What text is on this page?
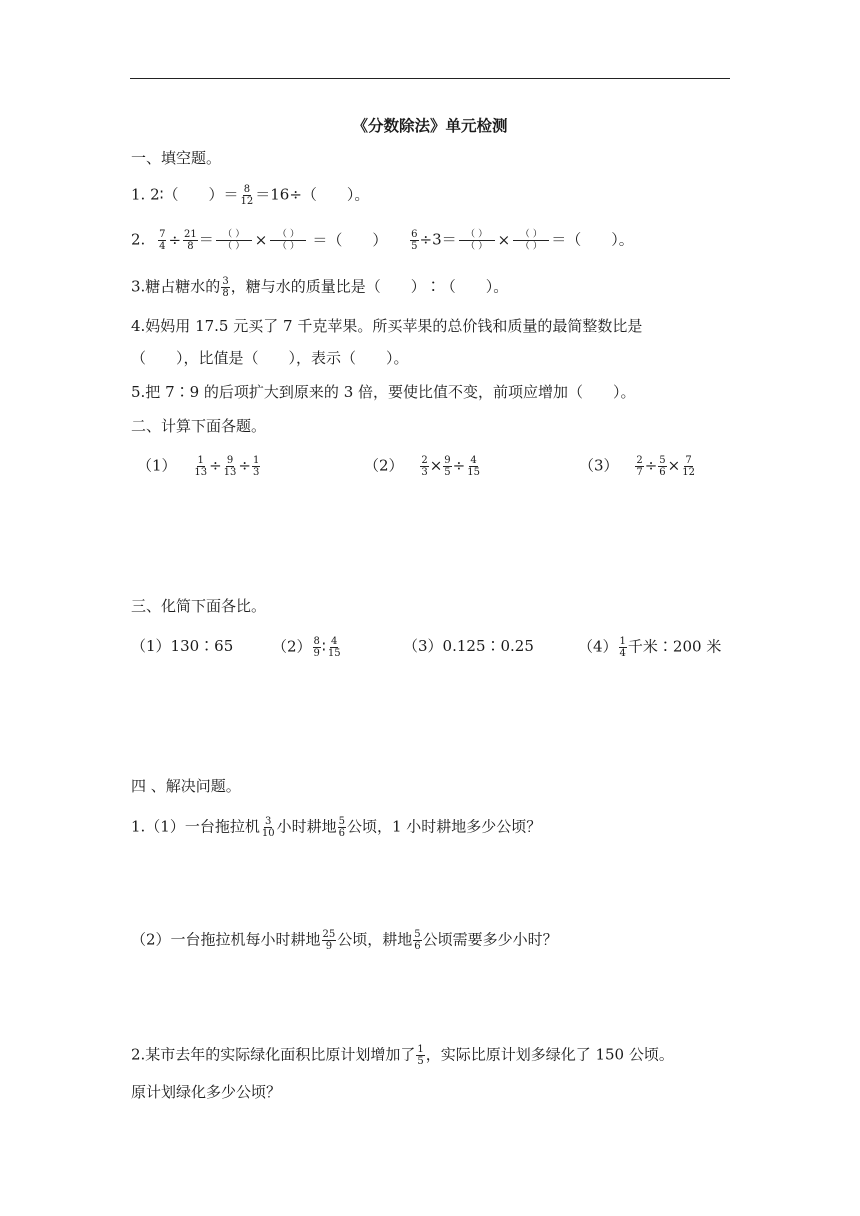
《分数除法》单元检测
一、填空题。
1. 2∶（　　）＝ $\frac{8}{12} =16\div$（　　）。
2. $\frac{7}{4} \div \frac{21}{8}$ ＝ （ ）
（ ） ×	（ ）
（ ） ＝（　　） $\frac{6}{5} \div 3=$ （ ）
（ ） ×	（ ）
（ ） ＝（　　）。
3.糖占糖水的 $\frac{3}{8}$ ，糖与水的质量比是（　　）∶（　　）。
4.妈妈用 17.5 元买了 7 千克苹果。所买苹果的总价钱和质量的最简整数比是
（　　），比值是（　　），表示（　　）。
5.把 7∶9 的后项扩大到原来的 3 倍，要使比值不变，前项应增加（　　）。
二、计算下面各题。
$(1) \frac{1}{13} \div \frac{9}{13} \div \frac{1}{3}$	$(2) \frac{2}{3} \times \frac{9}{5} \div \frac{4}{15}$	$(3) \frac{2}{7} \div \frac{5}{6} \times \frac{7}{12}$
三、化简下面各比。
（1）130∶65	$(2) \frac{8}{9}$ ∶ $\frac{4}{15}$	（3）0.125∶0.25	$(4) \frac{1}{4}$ 千米∶200 米
四 、解决问题。
1.（1）一台拖拉机 $\frac{3}{10}$ 小时耕地 $\frac{5}{6}$ 公顷，1 小时耕地多少公顷？
（2）一台拖拉机每小时耕地 $\frac{25}{9}$ 公顷，耕地 $\frac{5}{6}$ 公顷需要多少小时？
2.某市去年的实际绿化面积比原计划增加了 $\frac{1}{5}$ ，实际比原计划多绿化了 150 公顷。
原计划绿化多少公顷？
